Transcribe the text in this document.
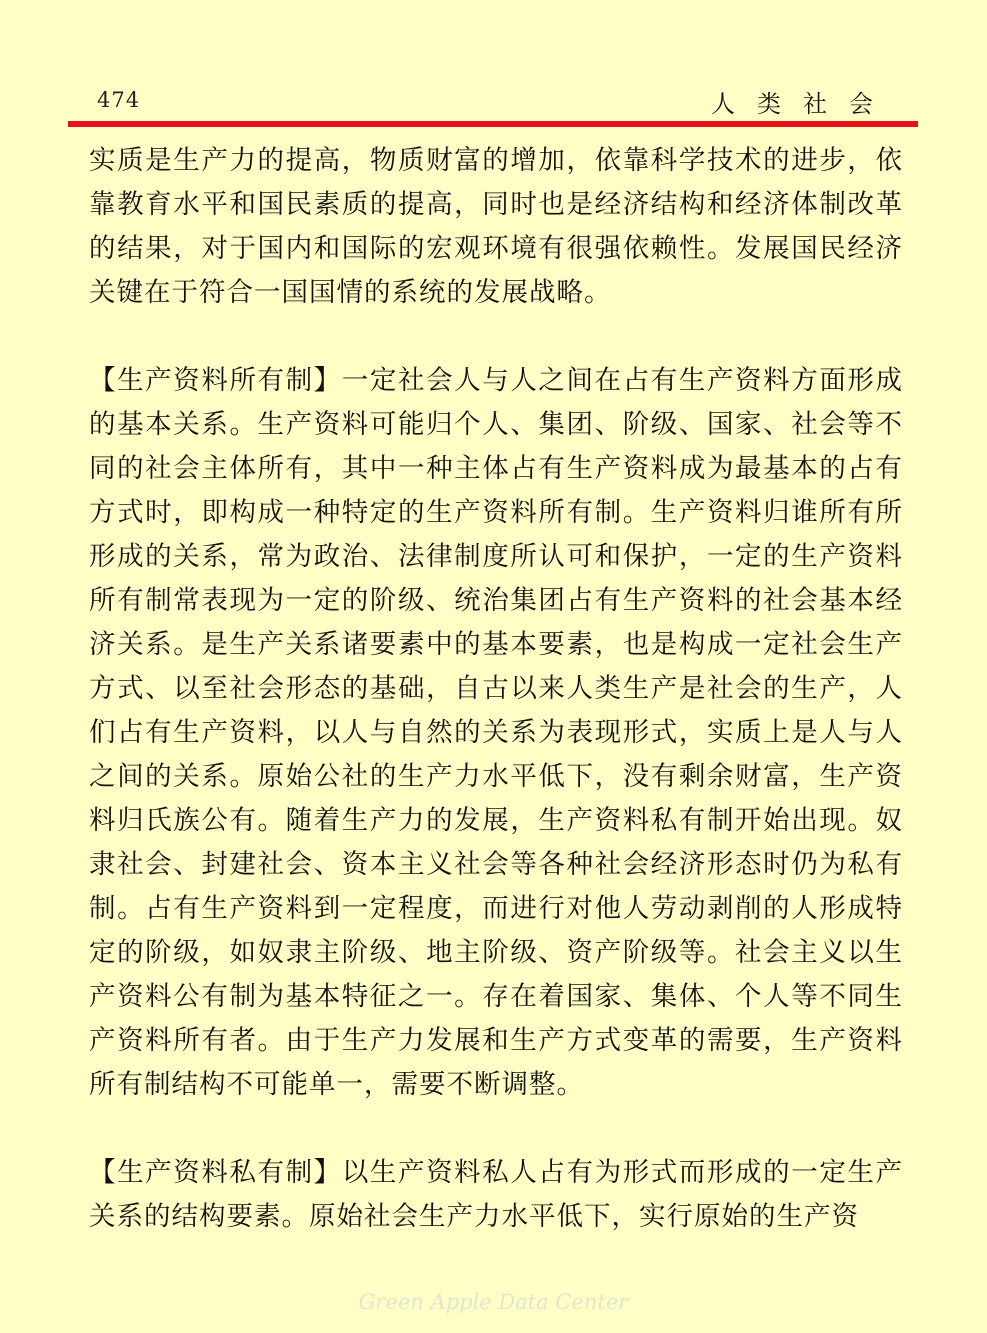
474	人类社会

实质是生产力的提高，物质财富的增加，依靠科学技术的进步，依靠教育水平和国民素质的提高，同时也是经济结构和经济体制改革的结果，对于国内和国际的宏观环境有很强依赖性。发展国民经济关键在于符合一国国情的系统的发展战略。

【生产资料所有制】一定社会人与人之间在占有生产资料方面形成的基本关系。生产资料可能归个人、集团、阶级、国家、社会等不同的社会主体所有，其中一种主体占有生产资料成为最基本的占有方式时，即构成一种特定的生产资料所有制。生产资料归谁所有所形成的关系，常为政治、法律制度所认可和保护，一定的生产资料所有制常表现为一定的阶级、统治集团占有生产资料的社会基本经济关系。是生产关系诸要素中的基本要素，也是构成一定社会生产方式、以至社会形态的基础，自古以来人类生产是社会的生产，人们占有生产资料，以人与自然的关系为表现形式，实质上是人与人之间的关系。原始公社的生产力水平低下，没有剩余财富，生产资料归氏族公有。随着生产力的发展，生产资料私有制开始出现。奴隶社会、封建社会、资本主义社会等各种社会经济形态时仍为私有制。占有生产资料到一定程度，而进行对他人劳动剥削的人形成特定的阶级，如奴隶主阶级、地主阶级、资产阶级等。社会主义以生产资料公有制为基本特征之一。存在着国家、集体、个人等不同生产资料所有者。由于生产力发展和生产方式变革的需要，生产资料所有制结构不可能单一，需要不断调整。

【生产资料私有制】以生产资料私人占有为形式而形成的一定生产关系的结构要素。原始社会生产力水平低下，实行原始的生产资

Green Apple Data Center
